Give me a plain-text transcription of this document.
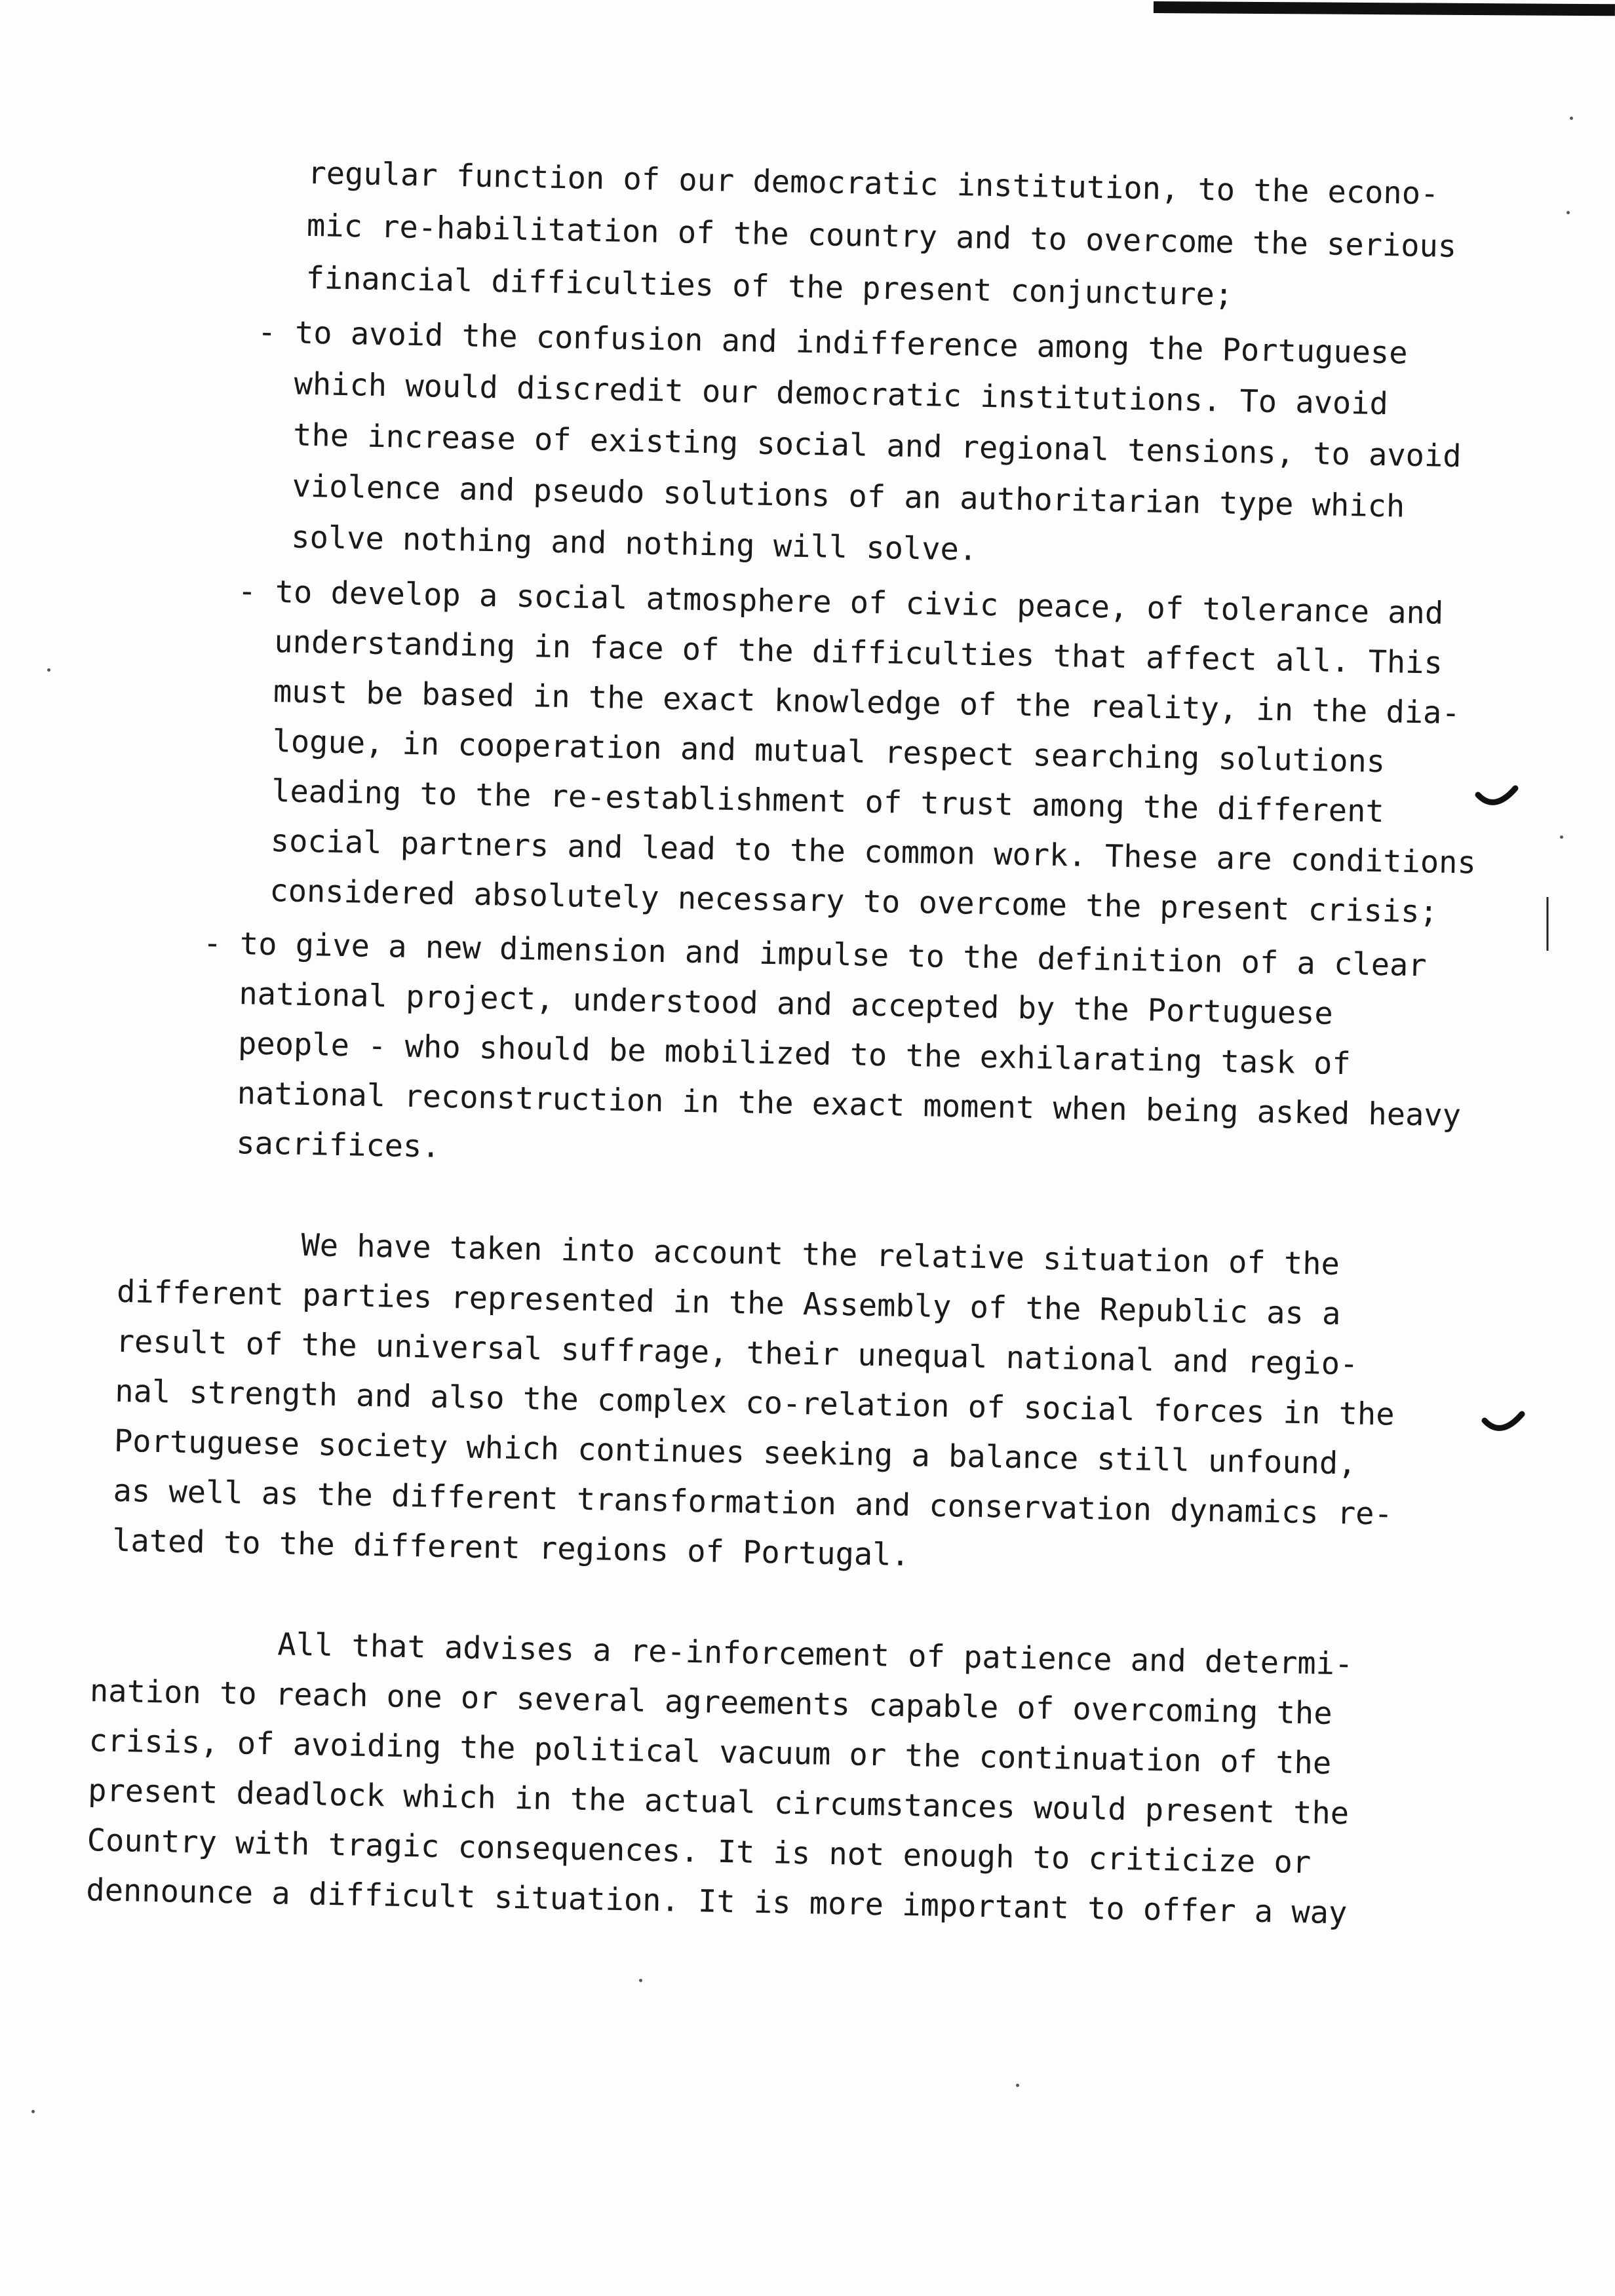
regular function of our democratic institution, to the econo-
mic re-habilitation of the country and to overcome the serious
financial difficulties of the present conjuncture;
- to avoid the confusion and indifference among the Portuguese
which would discredit our democratic institutions. To avoid
the increase of existing social and regional tensions, to avoid
violence and pseudo solutions of an authoritarian type which
solve nothing and nothing will solve.
- to develop a social atmosphere of civic peace, of tolerance and
understanding in face of the difficulties that affect all. This
must be based in the exact knowledge of the reality, in the dia-
logue, in cooperation and mutual respect searching solutions
leading to the re-establishment of trust among the different
social partners and lead to the common work. These are conditions
considered absolutely necessary to overcome the present crisis;
- to give a new dimension and impulse to the definition of a clear
national project, understood and accepted by the Portuguese
people - who should be mobilized to the exhilarating task of
national reconstruction in the exact moment when being asked heavy
sacrifices.
We have taken into account the relative situation of the
different parties represented in the Assembly of the Republic as a
result of the universal suffrage, their unequal national and regio-
nal strength and also the complex co-relation of social forces in the
Portuguese society which continues seeking a balance still unfound,
as well as the different transformation and conservation dynamics re-
lated to the different regions of Portugal.
All that advises a re-inforcement of patience and determi-
nation to reach one or several agreements capable of overcoming the
crisis, of avoiding the political vacuum or the continuation of the
present deadlock which in the actual circumstances would present the
Country with tragic consequences. It is not enough to criticize or
dennounce a difficult situation. It is more important to offer a way
